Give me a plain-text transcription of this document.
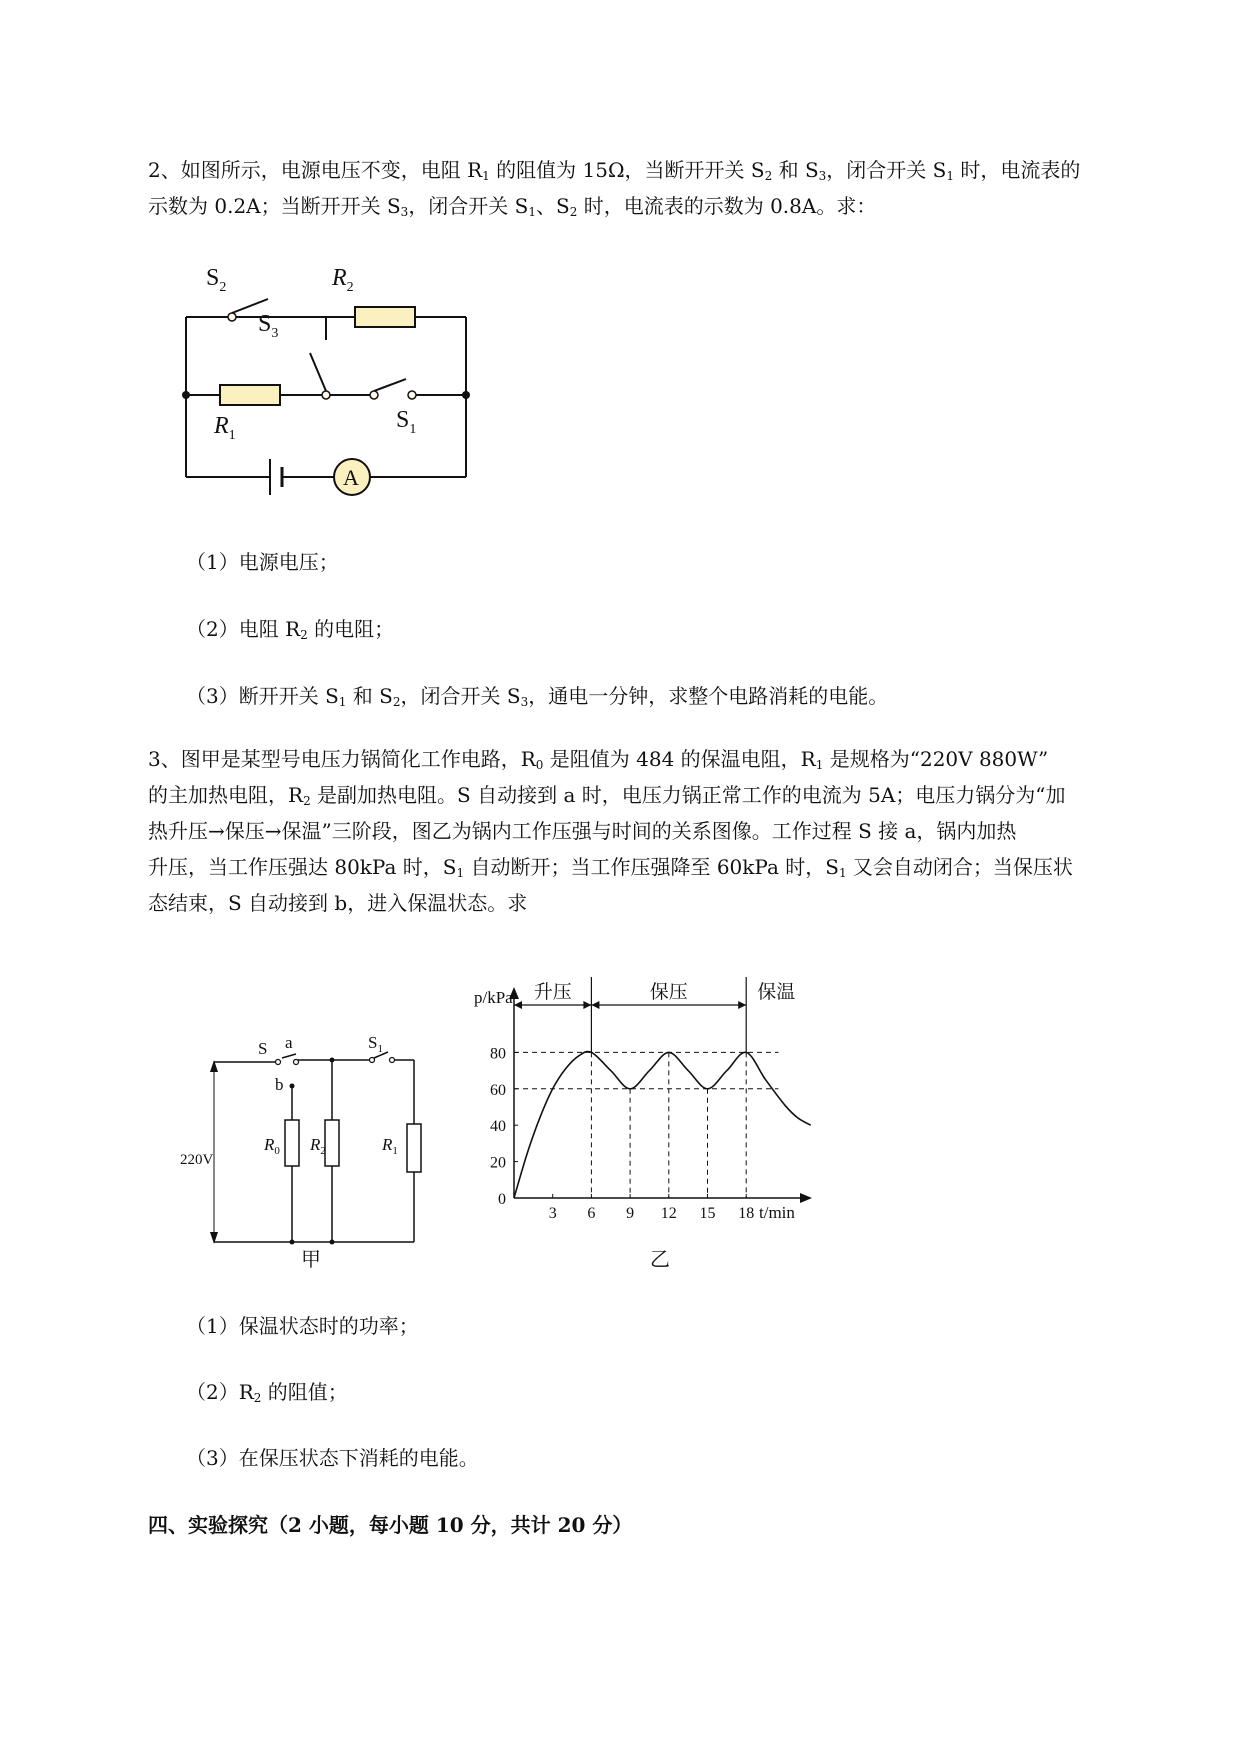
2、如图所示，电源电压不变，电阻 $R_1$ 的阻值为 15Ω，当断开开关 $S_2$ 和 $S_3$，闭合开关 $S_1$ 时，电流表的
示数为 0.2A；当断开开关 $S_3$，闭合开关 $S_1$、$S_2$ 时，电流表的示数为 0.8A。求：
$S_2$	$R_2$
$S_3$
$R_1$
$S_1$
A
（1）电源电压；
（2）电阻 $R_2$ 的电阻；
（3）断开开关 $S_1$ 和 $S_2$，闭合开关 $S_3$，通电一分钟，求整个电路消耗的电能。
3、图甲是某型号电压力锅简化工作电路，$R_0$ 是阻值为 484 的保温电阻，$R_1$ 是规格为“220V 880W”
的主加热电阻，$R_2$ 是副加热电阻。S 自动接到 a 时，电压力锅正常工作的电流为 5A；电压力锅分为“加
热升压→保压→保温”三阶段，图乙为锅内工作压强与时间的关系图像。工作过程 S 接 a，锅内加热
升压，当工作压强达 80kPa 时，$S_1$ 自动断开；当工作压强降至 60kPa 时，$S_1$ 又会自动闭合；当保压状
态结束，S 自动接到 b，进入保温状态。求
S a
b
$S_1$
220V
$R_0$ $R_2$	$R_1$
甲
p/kPa
t/min
0
20
40
60
80
3 6 9 12 15 18
升压	保压	保温
乙
（1）保温状态时的功率；
$(2)R_2$ 的阻值；
（3）在保压状态下消耗的电能。
四、实验探究（2 小题，每小题 10 分，共计 20 分）
